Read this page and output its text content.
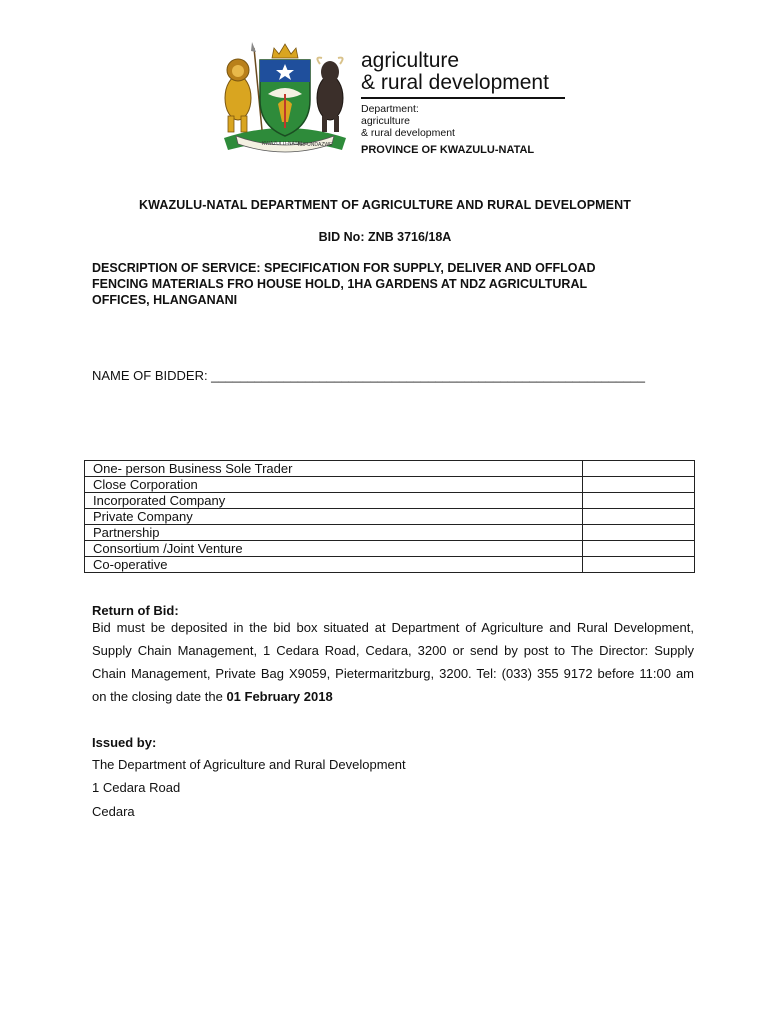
KWAZULU-NATAL
ISIFUNDAZWE
agriculture
& rural development
Department:
agriculture
& rural development
PROVINCE OF KWAZULU-NATAL
KWAZULU-NATAL DEPARTMENT OF AGRICULTURE AND RURAL DEVELOPMENT
BID No: ZNB 3716/18A
DESCRIPTION OF SERVICE: SPECIFICATION FOR SUPPLY, DELIVER AND OFFLOAD
FENCING MATERIALS FRO HOUSE HOLD, 1HA GARDENS AT NDZ AGRICULTURAL
OFFICES, HLANGANANI
NAME OF BIDDER: ____________________________________________________________
One- person Business Sole Trader	
Close Corporation	
Incorporated Company	
Private Company	
Partnership	
Consortium /Joint Venture	
Co-operative	
Return of Bid:
Bid must be deposited in the bid box situated at Department of Agriculture and Rural Development, Supply Chain Management, 1 Cedara Road, Cedara, 3200 or send by post to The Director: Supply Chain Management, Private Bag X9059, Pietermaritzburg, 3200. Tel: (033) 355 9172 before 11:00 am on the closing date the 01 February 2018
Issued by:
The Department of Agriculture and Rural Development
1 Cedara Road
Cedara
